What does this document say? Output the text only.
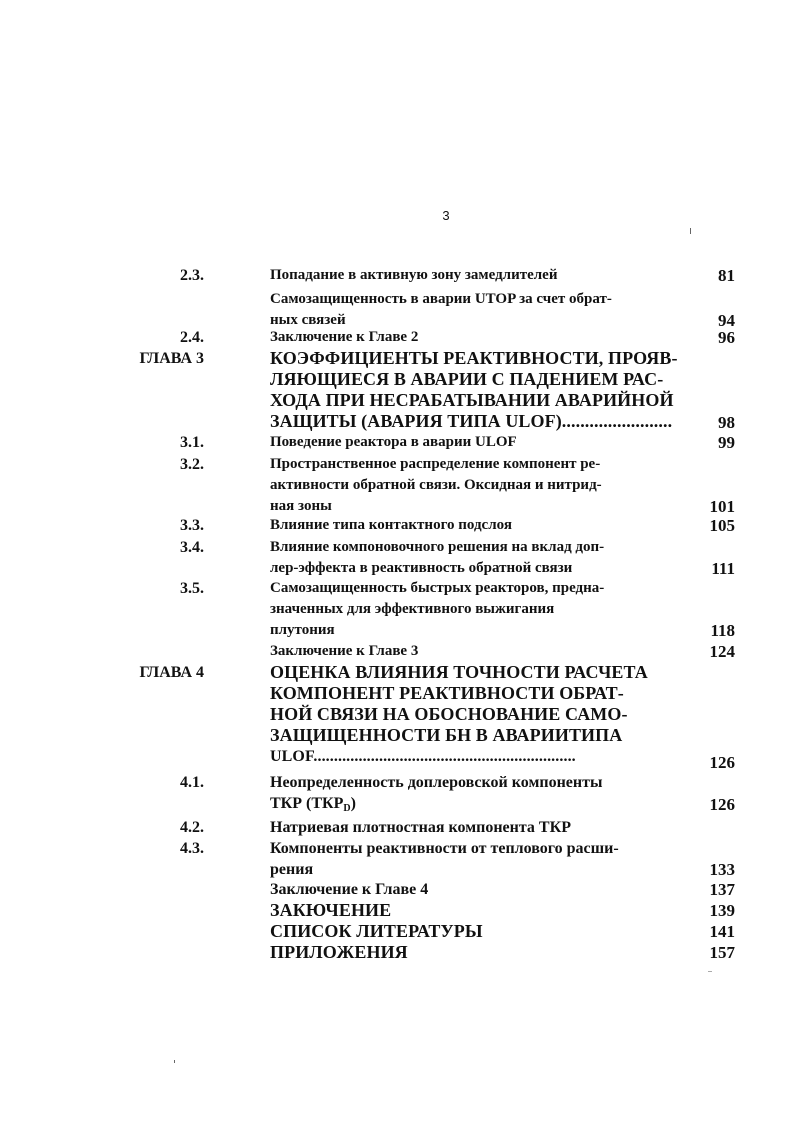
3
2.3.	Попадание в активную зону замедлителей	81
Самозащищенность в аварии UTOP за счет обрат-
ных связей	94
2.4.	Заключение к Главе 2	96
ГЛАВА 3	КОЭФФИЦИЕНТЫ РЕАКТИВНОСТИ, ПРОЯВ-
ЛЯЮЩИЕСЯ В АВАРИИ С ПАДЕНИЕМ РАС-
ХОДА ПРИ НЕСРАБАТЫВАНИИ АВАРИЙНОЙ
ЗАЩИТЫ (АВАРИЯ ТИПА ULOF)........................	98
3.1.	Поведение реактора в аварии ULOF	99
3.2.	Пространственное распределение компонент ре-
активности обратной связи. Оксидная и нитрид-
ная зоны	101
3.3.	Влияние типа контактного подслоя	105
3.4.	Влияние компоновочного решения на вклад доп-
лер-эффекта в реактивность обратной связи	111
3.5.	Самозащищенность быстрых реакторов, предна-
значенных для эффективного выжигания
плутония	118
Заключение к Главе 3	124
ГЛАВА 4	ОЦЕНКА ВЛИЯНИЯ ТОЧНОСТИ РАСЧЕТА
КОМПОНЕНТ РЕАКТИВНОСТИ ОБРАТ-
НОЙ СВЯЗИ НА ОБОСНОВАНИЕ САМО-
ЗАЩИЩЕННОСТИ БН В АВАРИИТИПА
ULOF................................................................	126
4.1.	Неопределенность доплеровской компоненты
ТКР $(ТКР_D)$	126
4.2.	Натриевая плотностная компонента ТКР
4.3.	Компоненты реактивности от теплового расши-
рения	133
Заключение к Главе 4	137
ЗАКЮЧЕНИЕ	139
СПИСОК ЛИТЕРАТУРЫ	141
ПРИЛОЖЕНИЯ	157
